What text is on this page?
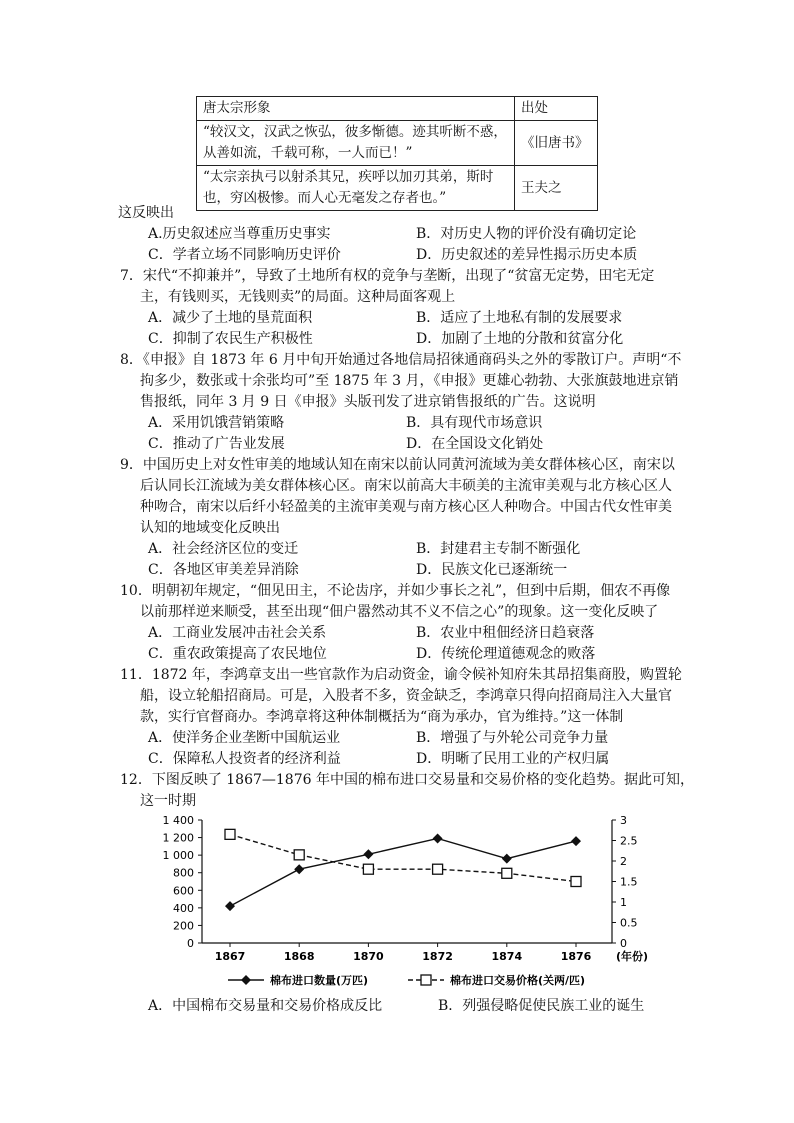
唐太宗形象	出处

“较汉文，汉武之恢弘，彼多惭德。迹其听断不惑，
从善如流，千载可称，一人而已！”	《旧唐书》

“太宗亲执弓以射杀其兄，疾呼以加刃其弟，斯时
也，穷凶极惨。而人心无毫发之存者也。”	王夫之
这反映出
A.历史叙述应当尊重历史事实	B．对历史人物的评价没有确切定论
C．学者立场不同影响历史评价	D．历史叙述的差异性揭示历史本质
7．宋代“不抑兼并”，导致了土地所有权的竞争与垄断，出现了“贫富无定势，田宅无定
主，有钱则买，无钱则卖”的局面。这种局面客观上
A．减少了土地的垦荒面积	B．适应了土地私有制的发展要求
C．抑制了农民生产积极性	D．加剧了土地的分散和贫富分化
8．《申报》自 1873 年 6 月中旬开始通过各地信局招徕通商码头之外的零散订户。声明“不
拘多少，数张或十余张均可”至 1875 年 3 月，《申报》更雄心勃勃、大张旗鼓地进京销
售报纸，同年 3 月 9 日《申报》头版刊发了进京销售报纸的广告。这说明
A．采用饥饿营销策略	B．具有现代市场意识
C．推动了广告业发展	D．在全国设文化销处
9．中国历史上对女性审美的地域认知在南宋以前认同黄河流域为美女群体核心区，南宋以
后认同长江流域为美女群体核心区。南宋以前高大丰硕美的主流审美观与北方核心区人
种吻合，南宋以后纤小轻盈美的主流审美观与南方核心区人种吻合。中国古代女性审美
认知的地域变化反映出
A．社会经济区位的变迁	B．封建君主专制不断强化
C．各地区审美差异消除	D．民族文化已逐渐统一
10．明朝初年规定，“佃见田主，不论齿序，并如少事长之礼”，但到中后期，佃农不再像
以前那样逆来顺受，甚至出现“佃户嚣然动其不义不信之心”的现象。这一变化反映了
A．工商业发展冲击社会关系	B．农业中租佃经济日趋衰落
C．重农政策提高了农民地位	D．传统伦理道德观念的败落
11．1872 年，李鸿章支出一些官款作为启动资金，谕令候补知府朱其昂招集商股，购置轮
船，设立轮船招商局。可是，入股者不多，资金缺乏，李鸿章只得向招商局注入大量官
款，实行官督商办。李鸿章将这种体制概括为“商为承办，官为维持。”这一体制
A．使洋务企业垄断中国航运业	B．增强了与外轮公司竞争力量
C．保障私人投资者的经济利益	D．明晰了民用工业的产权归属
12．下图反映了 1867—1876 年中国的棉布进口交易量和交易价格的变化趋势。据此可知，
这一时期
0
200
400
600
800
1 000
1 200
1 400
0
0.5
1
1.5
2
2.5
3
1867	1868	1870	1872	1874	1876 (年份)
棉布进口数量(万匹)	棉布进口交易价格(关两/匹)
A．中国棉布交易量和交易价格成反比	B．列强侵略促使民族工业的诞生
